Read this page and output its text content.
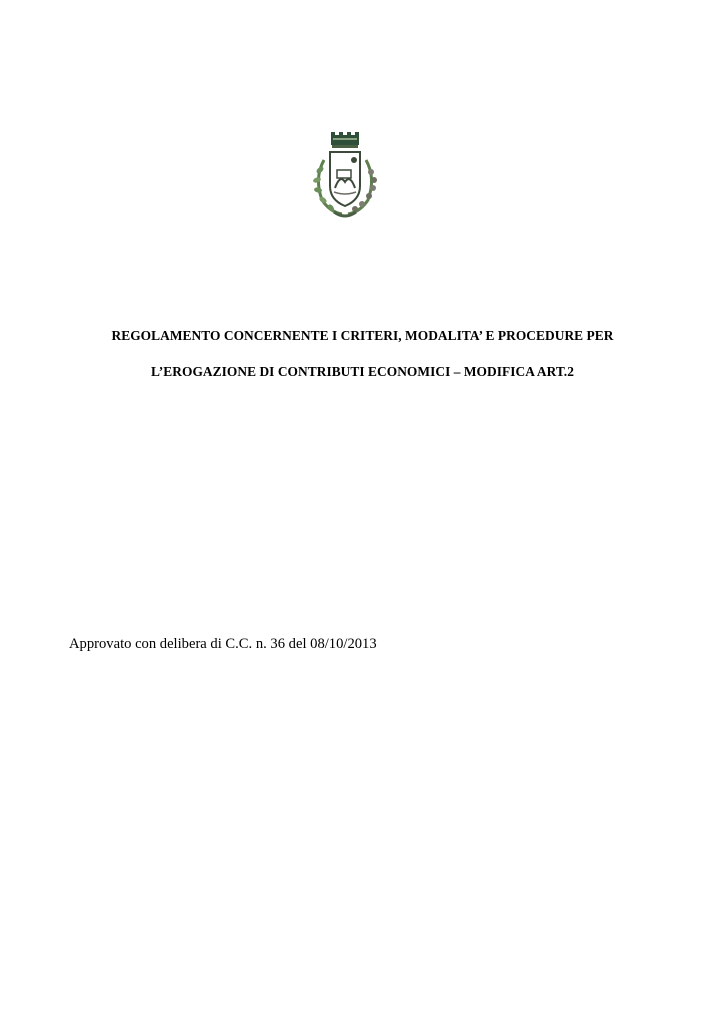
REGOLAMENTO CONCERNENTE I CRITERI, MODALITA’ E PROCEDURE PER
L’EROGAZIONE DI CONTRIBUTI ECONOMICI – MODIFICA ART.2
Approvato con delibera di C.C. n. 36 del 08/10/2013
